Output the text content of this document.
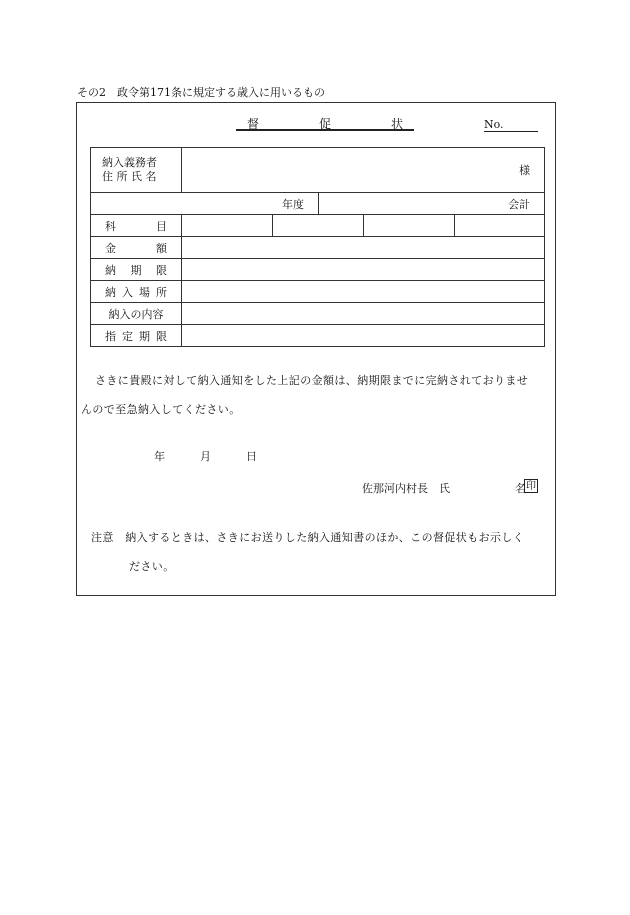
その2　政令第171条に規定する歳入に用いるもの
督	促	状	No.
納入義務者
住 所 氏 名	様				
年度			会計		

科 目					

金 額					

納 期 限					

納 入 場 所					

納入の内容					

指 定 期 限					

さきに貴殿に対して納入通知をした上記の金額は、納期限までに完納されておりませ
んので至急納入してください。
年	月	日
佐那河内村長　氏	名 印
注意　納入するときは、さきにお送りした納入通知書のほか、この督促状もお示しく
ださい。
